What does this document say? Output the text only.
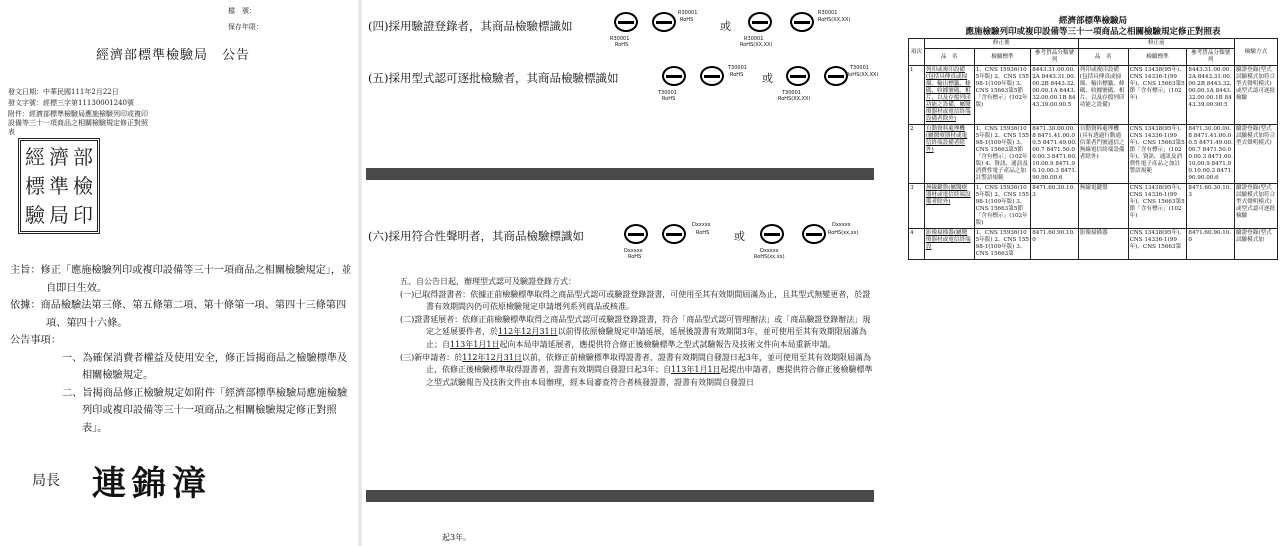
檔　號：
保存年限：
經濟部標準檢驗局　公告
發文日期：中華民國111年2月22日
發文字號：經標三字第11130001240號
附件：經濟部標準檢驗局應施檢驗列印或複印設備等三十一項商品之相關檢驗規定修正對照表
經 濟 部
標 準 檢
驗 局 印
主旨：修正「應施檢驗列印或複印設備等三十一項商品之相關檢驗規定」，並自即日生效。
依據：商品檢驗法第三條、第五條第二項、第十條第一項、第四十三條第四項、第四十六條。
公告事項：
一、為確保消費者權益及使用安全，修正旨揭商品之檢驗標準及相關檢驗規定。
二、旨揭商品修正檢驗規定如附件「經濟部標準檢驗局應施檢驗列印或複印設備等三十一項商品之相關檢驗規定修正對照表」。
局長 連錦漳
(四)採用驗證登錄者，其商品檢驗標識如
R30001
RoHS
R30001
RoHS 或
R30001
RoHS(XX,XX)
R30001
RoHS(XX,XX)
(五)採用型式認可逐批檢驗者，其商品檢驗標識如
T30001
RoHS
T30001
RoHS 或
T30001
RoHS(XX,XX)
T30001
RoHS(XX,XX)
(六)採用符合性聲明者，其商品檢驗標識如
Dxxxxx
RoHS
Dxxxxx
RoHS 或
Dxxxxx
RoHS(xx,xx)
Dxxxxx
RoHS(xx,xx)

五、自公告日起，辦理型式認可及驗證登錄方式：

(一)已取得證書者：依據正前檢驗標準取得之商品型式認可或驗證登錄證書，可使用至其有效期間屆滿為止，且其型式無變更者，於證書有效期間內仍可依原檢驗規定申請增列系列商品或核准。

(二)證書延展者：依修正前檢驗標準取得之商品型式認可或驗證登錄證書，符合「商品型式認可管理辦法」或「商品驗證登錄辦法」規定之延展要件者，於112年12月31日以前得依原檢驗規定申請延展，延展後證書有效期間3年，並可使用至其有效期限屆滿為止；自113年1月1日起向本局申請延展者，應提供符合修正後檢驗標準之型式試驗報告及技術文件向本局重新申請。

(三)新申請者：於112年12月31日以前，依修正前檢驗標準取得證書者，證書有效期間自發證日起3年，並可使用至其有效期限屆滿為止，依修正後檢驗標準取得證書者，證書有效期間自發證日起3年；自113年1月1日起提出申請者，應提供符合修正後檢驗標準之型式試驗報告及技術文件由本局辦理，經本局審查符合者核發證書，證書有效期間自發證日

起3年。
經濟部標準檢驗局
應施檢驗列印或複印設備等三十一項商品之相關檢驗規定修正對照表
項次	修正後			修正前			檢驗方式
	品　名	檢驗標準	參考貨品分類號列	品　名	檢驗標準	參考貨品分類號列	
1	列印或複印設備(包括具傳真或掃描、輸出標籤、條碼、收據號碼、相片，以及存擋列印功能之設備，屬醫療器材或電信終端設備者除外)	1、CNS 15936(105年版) 2、CNS 15598-1(109年版) 3、CNS 15663第5節「含有標示」(102年版)	8443.31.00.00.2A 8443.31.00.00.2B 8443.32.00.00.1A 8443.32.00.00.1B 8443.39.00.90.5	列印或複印設備(包括具傳真或掃描、輸出標籤、條碼、收據號碼、相片，以及存擋列印功能之設備)	CNS 13438(95年)、CNS 14336-1(99年)、CNS 15663第5節「含有標示」(102年)	8443.31.00.00.2A 8443.31.00.00.2B 8443.32.00.00.1A 8443.32.00.00.1B 8443.39.00.90.5	驗證登錄(型式試驗模式加符合型式聲明模式)或型式認可逐批檢驗
2	自動資料處理機(屬醫療器材或電信終端設備者除外)	1、CNS 15936(105年版) 2、CNS 15598-1(109年版) 3、CNS 15663第5節「含有標示」(102年版) 4、資訊、通訊及消費性電子產品之加註警語規範	8471.30.00.00.8 8471.41.00.00.5 8471.49.00.00.7 8471.50.00.00.3 8471.60.10.00.9 8471.90.10.00.3 8471.90.90.00.6	自動資料處理機(具有透過行動通信業者門號通信之無線電信終端設備者除外)	CNS 13438(95年)、CNS 14336-1(99年)、CNS 15663第5節「含有標示」(102年)、資訊、通訊及消費性電子產品之加註警語規範	8471.30.00.00.8 8471.41.00.00.5 8471.49.00.00.7 8471.50.00.00.3 8471.60.10.00.9 8471.90.10.00.3 8471.90.90.00.6	驗證登錄(型式試驗模式加符合型式聲明模式)
3	無線鍵盤(屬醫療器材或電信終端設備者除外)	1、CNS 15936(105年版) 2、CNS 15598-1(109年版) 3、CNS 15663第5節「含有標示」(102年版)	8471.60.30.10.3	無線電鍵盤	CNS 13438(95年)、CNS 14336-1(99年)、CNS 15663第5節「含有標示」(102年)	8471.60.30.10.3	驗證登錄(型式試驗模式加符合型式聲明模式)或型式認可逐批檢驗
4	影像掃描器(屬醫療器材或電信終端設	1、CNS 15936(105年版) 2、CNS 15598-1(109年版) 3、CNS 15663第	8471.60.90.10.0	影像掃描器	CNS 13438(95年)、CNS 14336-1(99年)、CNS 15663第	8471.60.90.10.0	驗證登錄(型式試驗模式加
